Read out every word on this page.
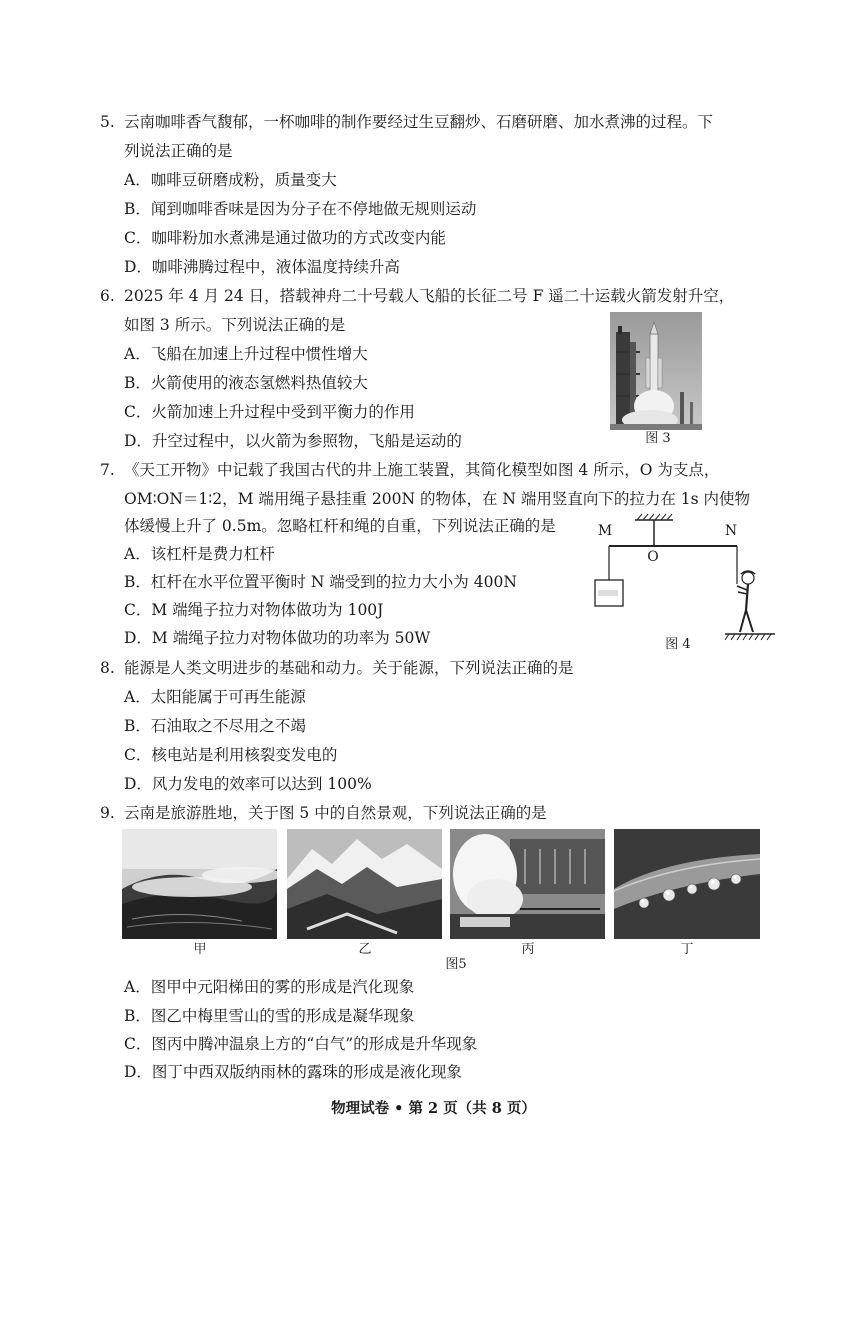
5. 云南咖啡香气馥郁，一杯咖啡的制作要经过生豆翻炒、石磨研磨、加水煮沸的过程。下
列说法正确的是
A．咖啡豆研磨成粉，质量变大
B．闻到咖啡香味是因为分子在不停地做无规则运动
C．咖啡粉加水煮沸是通过做功的方式改变内能
D．咖啡沸腾过程中，液体温度持续升高
6. 2025 年 4 月 24 日，搭载神舟二十号载人飞船的长征二号 F 遥二十运载火箭发射升空，
如图 3 所示。下列说法正确的是
A．飞船在加速上升过程中惯性增大
B．火箭使用的液态氢燃料热值较大
C．火箭加速上升过程中受到平衡力的作用
D．升空过程中，以火箭为参照物，飞船是运动的	图 3
7. 《天工开物》中记载了我国古代的井上施工装置，其简化模型如图 4 所示，O 为支点，
OM∶ON＝1∶2，M 端用绳子悬挂重 200N 的物体，在 N 端用竖直向下的拉力在 1s 内使物
体缓慢上升了 0.5m。忽略杠杆和绳的自重，下列说法正确的是
A．该杠杆是费力杠杆
B．杠杆在水平位置平衡时 N 端受到的拉力大小为 400N
C．M 端绳子拉力对物体做功为 100J
D．M 端绳子拉力对物体做功的功率为 50W
M
O
N
图 4
8. 能源是人类文明进步的基础和动力。关于能源，下列说法正确的是
A．太阳能属于可再生能源
B．石油取之不尽用之不竭
C．核电站是利用核裂变发电的
D．风力发电的效率可以达到 100%
9. 云南是旅游胜地，关于图 5 中的自然景观，下列说法正确的是
甲	乙	丙	丁
图5
A．图甲中元阳梯田的雾的形成是汽化现象
B．图乙中梅里雪山的雪的形成是凝华现象
C．图丙中腾冲温泉上方的“白气”的形成是升华现象
D．图丁中西双版纳雨林的露珠的形成是液化现象
物理试卷 • 第 2 页（共 8 页）
